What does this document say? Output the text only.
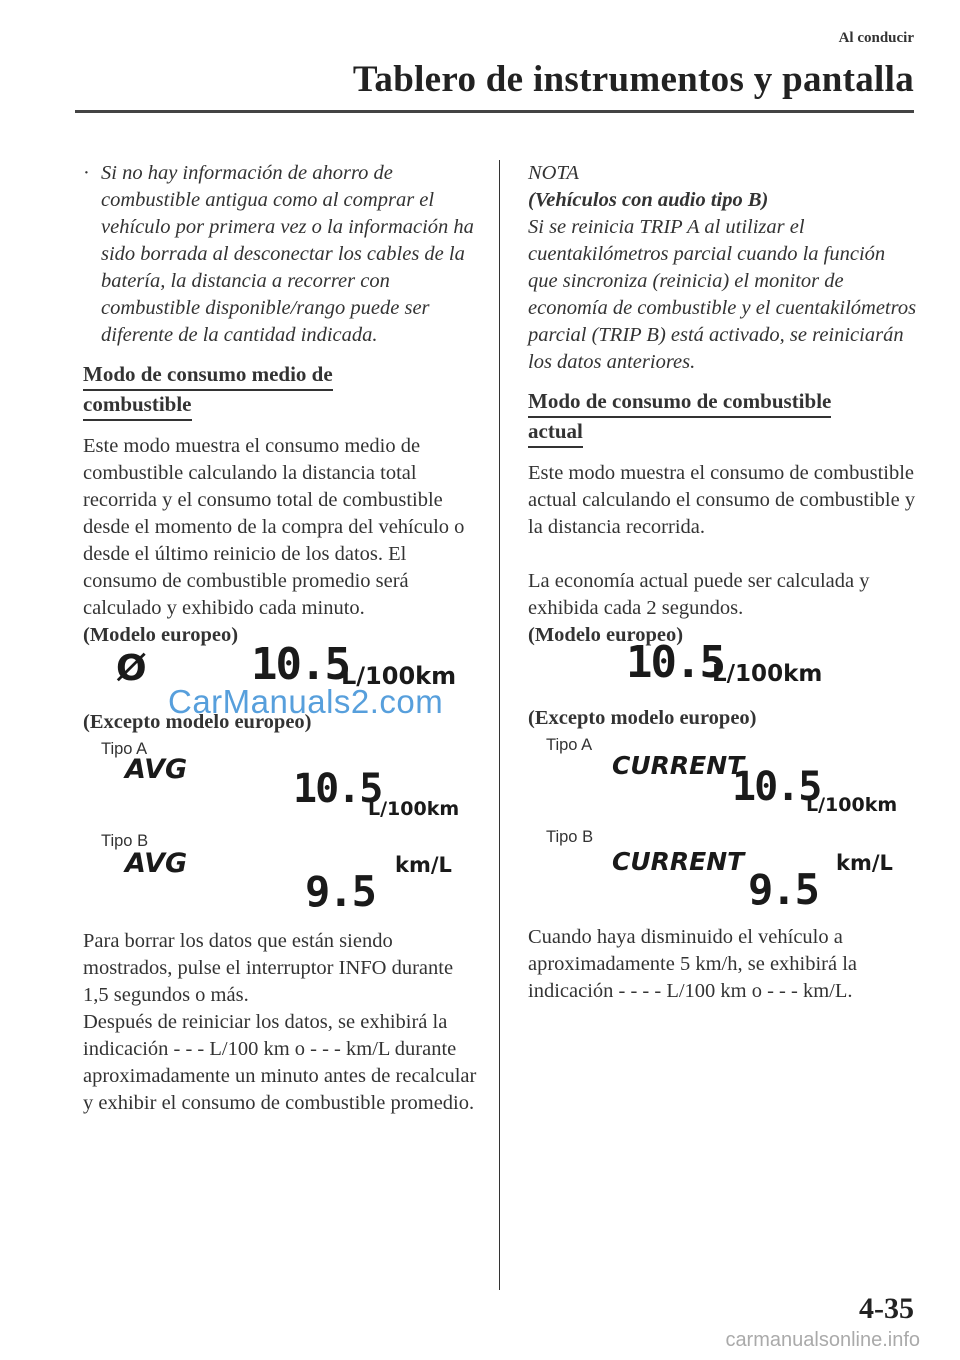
Al conducir
Tablero de instrumentos y pantalla
· Si no hay información de ahorro de combustible antigua como al comprar el vehículo por primera vez o la información ha sido borrada al desconectar los cables de la batería, la distancia a recorrer con combustible disponible/rango puede ser diferente de la cantidad indicada.
Modo de consumo medio de
combustible

Este modo muestra el consumo medio de combustible calculando la distancia total recorrida y el consumo total de combustible desde el momento de la compra del vehículo o desde el último reinicio de los datos. El consumo de combustible promedio será calculado y exhibido cada minuto.

(Modelo europeo)

Ø 10.5
L/100km

(Excepto modelo europeo)

Tipo A
AVG	10.5
L/100km
Tipo B
AVG
9.5
km/L

Para borrar los datos que están siendo mostrados, pulse el interruptor INFO durante 1,5 segundos o más.

Después de reiniciar los datos, se exhibirá la indicación - - - L/100 km o - - - km/L durante aproximadamente un minuto antes de recalcular y exhibir el consumo de combustible promedio.

NOTA

(Vehículos con audio tipo B)

Si se reinicia TRIP A al utilizar el cuentakilómetros parcial cuando la función que sincroniza (reinicia) el monitor de economía de combustible y el cuentakilómetros parcial (TRIP B) está activado, se reiniciarán los datos anteriores.

Modo de consumo de combustible
actual

Este modo muestra el consumo de combustible actual calculando el consumo de combustible y la distancia recorrida.

La economía actual puede ser calculada y exhibida cada 2 segundos.

(Modelo europeo)

10.5
L/100km

(Excepto modelo europeo)

Tipo A
CURRENT
10.5
L/100km
Tipo B
CURRENT
9.5
km/L

Cuando haya disminuido el vehículo a aproximadamente 5 km/h, se exhibirá la indicación - - - - L/100 km o - - - km/L.

CarManuals2.com
4-35
carmanualsonline.info
